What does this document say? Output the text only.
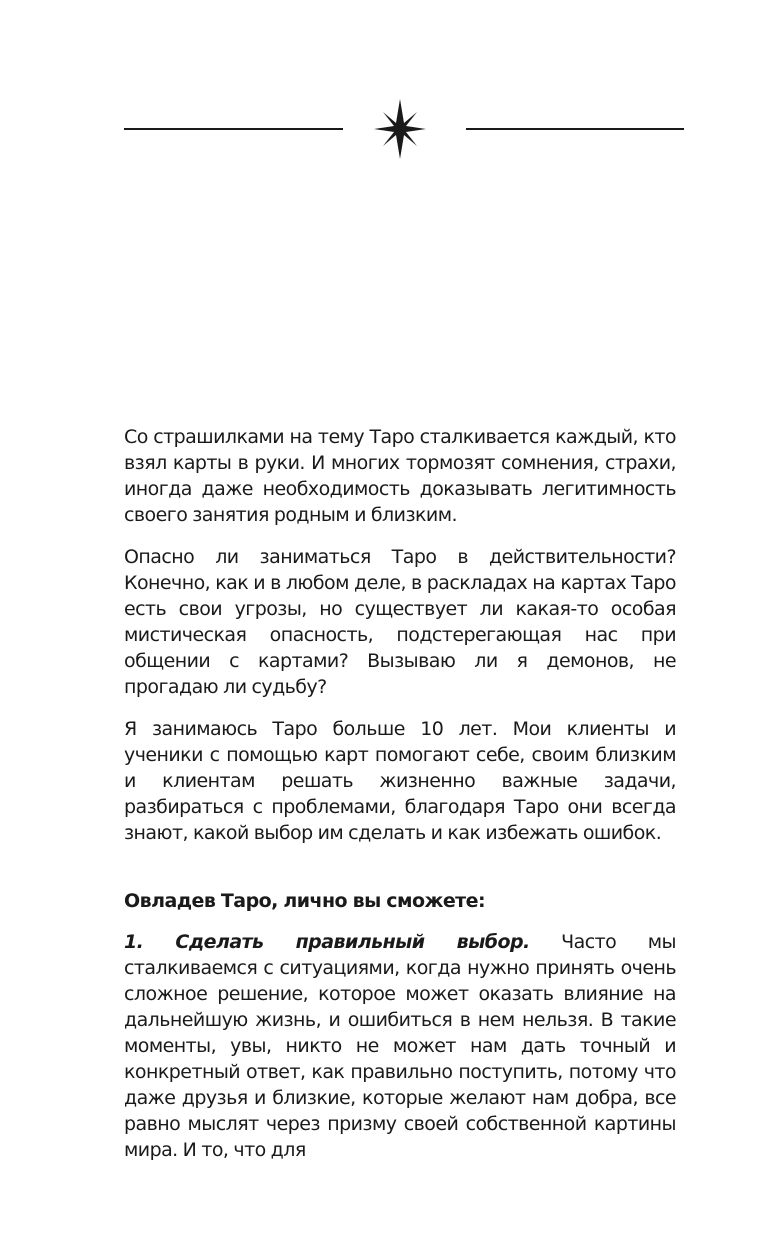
Со страшилками на тему Таро сталкивается каждый, кто взял карты в руки. И многих тормозят сомнения, страхи, иногда даже необходимость доказывать легитимность своего занятия родным и близким.

Опасно ли заниматься Таро в действительности? Конечно, как и в любом деле, в раскладах на картах Таро есть свои угрозы, но существует ли какая-то особая мистическая опасность, подстерегающая нас при общении с картами? Вызываю ли я демонов, не прогадаю ли судьбу?

Я занимаюсь Таро больше 10 лет. Мои клиенты и ученики с помощью карт помогают себе, своим близким и клиентам решать жизненно важные задачи, разбираться с проблемами, благодаря Таро они всегда знают, какой выбор им сделать и как избежать ошибок.

Овладев Таро, лично вы сможете:

1. Сделать правильный выбор. Часто мы сталкиваемся с ситуациями, когда нужно принять очень сложное решение, которое может оказать влияние на дальнейшую жизнь, и ошибиться в нем нельзя. В такие моменты, увы, никто не может нам дать точный и конкретный ответ, как правильно поступить, потому что даже друзья и близкие, которые желают нам добра, все равно мыслят через призму своей собственной картины мира. И то, что для
